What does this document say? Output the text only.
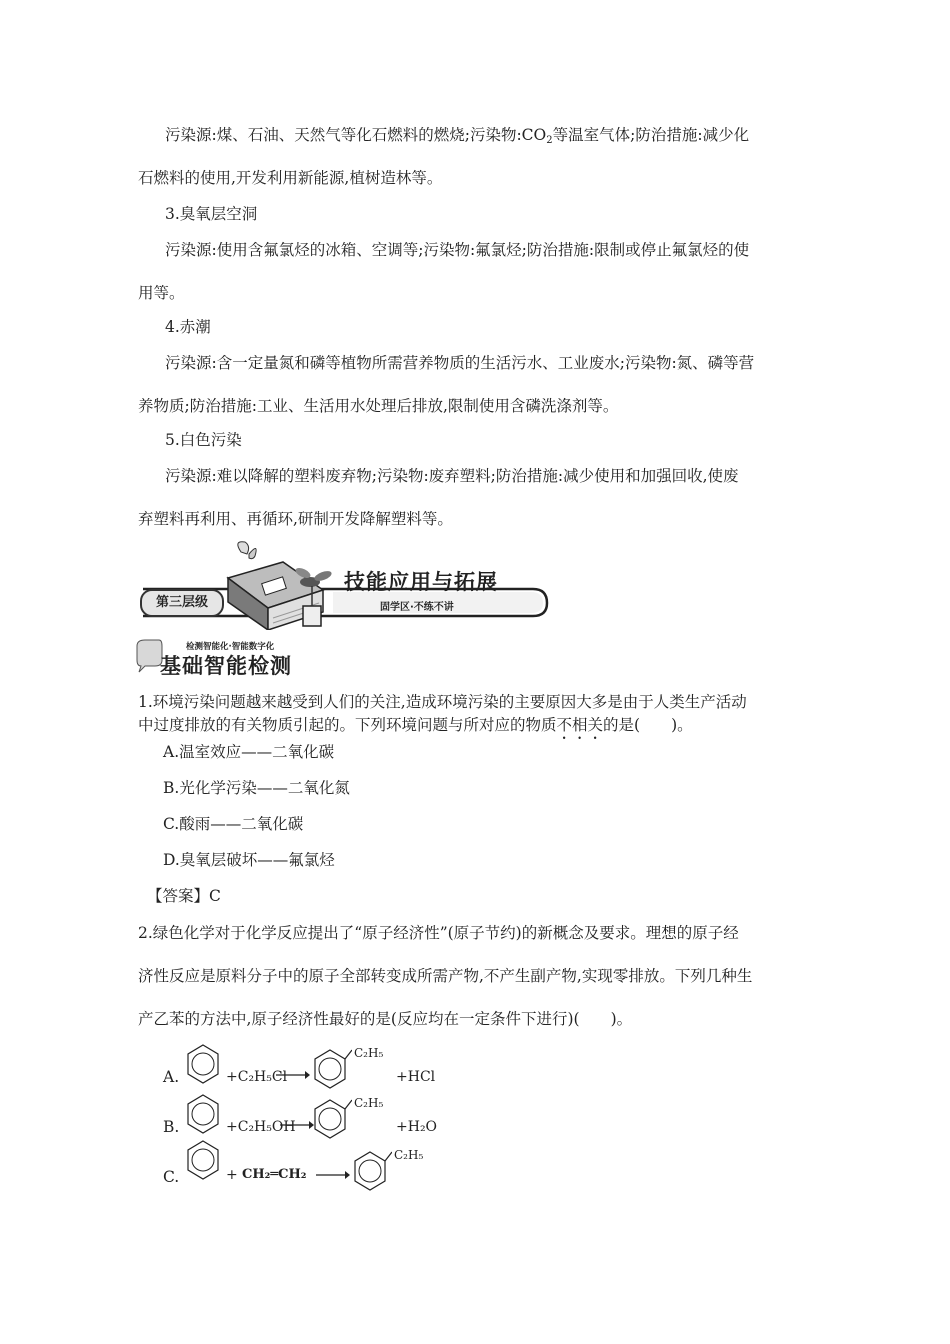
污染源:煤、石油、天然气等化石燃料的燃烧;污染物$:CO_2$等温室气体;防治措施:减少化
石燃料的使用,开发利用新能源,植树造林等。
3.臭氧层空洞
污染源:使用含氟氯烃的冰箱、空调等;污染物:氟氯烃;防治措施:限制或停止氟氯烃的使
用等。
4.赤潮
污染源:含一定量氮和磷等植物所需营养物质的生活污水、工业废水;污染物:氮、磷等营
养物质;防治措施:工业、生活用水处理后排放,限制使用含磷洗涤剂等。
5.白色污染
污染源:难以降解的塑料废弃物;污染物:废弃塑料;防治措施:减少使用和加强回收,使废
弃塑料再利用、再循环,研制开发降解塑料等。
第三层级
技能应用与拓展
固学区·不练不讲
检测智能化·智能数字化
基础智能检测
1.环境污染问题越来越受到人们的关注,造成环境污染的主要原因大多是由于人类生产活动
中过度排放的有关物质引起的。下列环境问题与所对应的物质不相关的是(　　)。
A.温室效应——二氧化碳
B.光化学污染——二氧化氮
C.酸雨——二氧化碳
D.臭氧层破坏——氟氯烃
【答案】C
2.绿色化学对于化学反应提出了“原子经济性”(原子节约)的新概念及要求。理想的原子经
济性反应是原料分子中的原子全部转变成所需产物,不产生副产物,实现零排放。下列几种生
产乙苯的方法中,原子经济性最好的是(反应均在一定条件下进行)(　　)。
A.	+C₂H₅Cl
C₂H₅
+HCl
B.	+C₂H₅OH
C₂H₅
+H₂O
C.	+ CH₂═CH₂ →
C₂H₅
